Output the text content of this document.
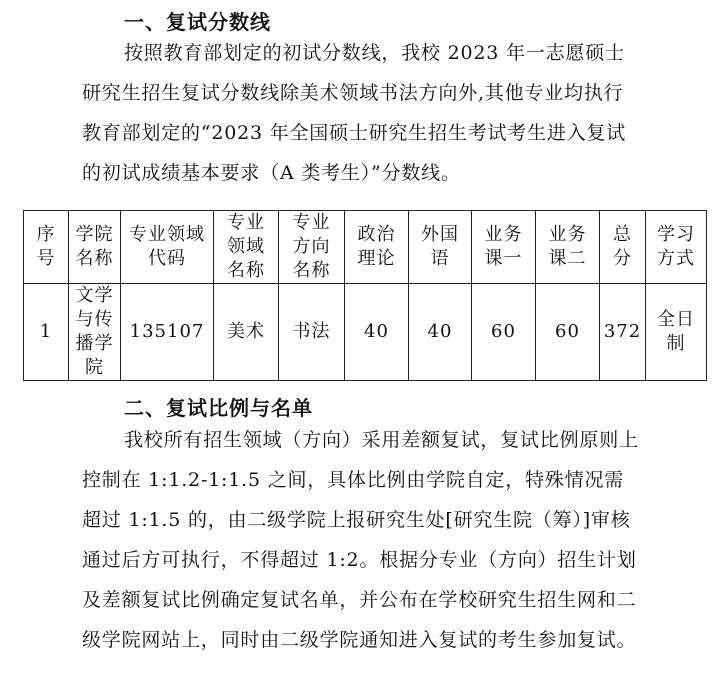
一、复试分数线

按照教育部划定的初试分数线，我校 2023 年一志愿硕士研究生招生复试分数线除美术领域书法方向外,其他专业均执行教育部划定的“2023 年全国硕士研究生招生考试考生进入复试的初试成绩基本要求（A 类考生）”分数线。

序号	学院名称	专业领域代码	专业领域名称	专业方向名称	政治理论	外国语	业务课一	业务课二	总分	学习方式
1	文学与传播学院	135107	美术	书法	40	40	60	60	372	全日制
二、复试比例与名单

我校所有招生领域（方向）采用差额复试，复试比例原则上控制在 1:1.2-1:1.5 之间，具体比例由学院自定，特殊情况需超过 1:1.5 的，由二级学院上报研究生处[研究生院（筹）]审核通过后方可执行，不得超过 1:2。根据分专业（方向）招生计划及差额复试比例确定复试名单，并公布在学校研究生招生网和二级学院网站上，同时由二级学院通知进入复试的考生参加复试。
